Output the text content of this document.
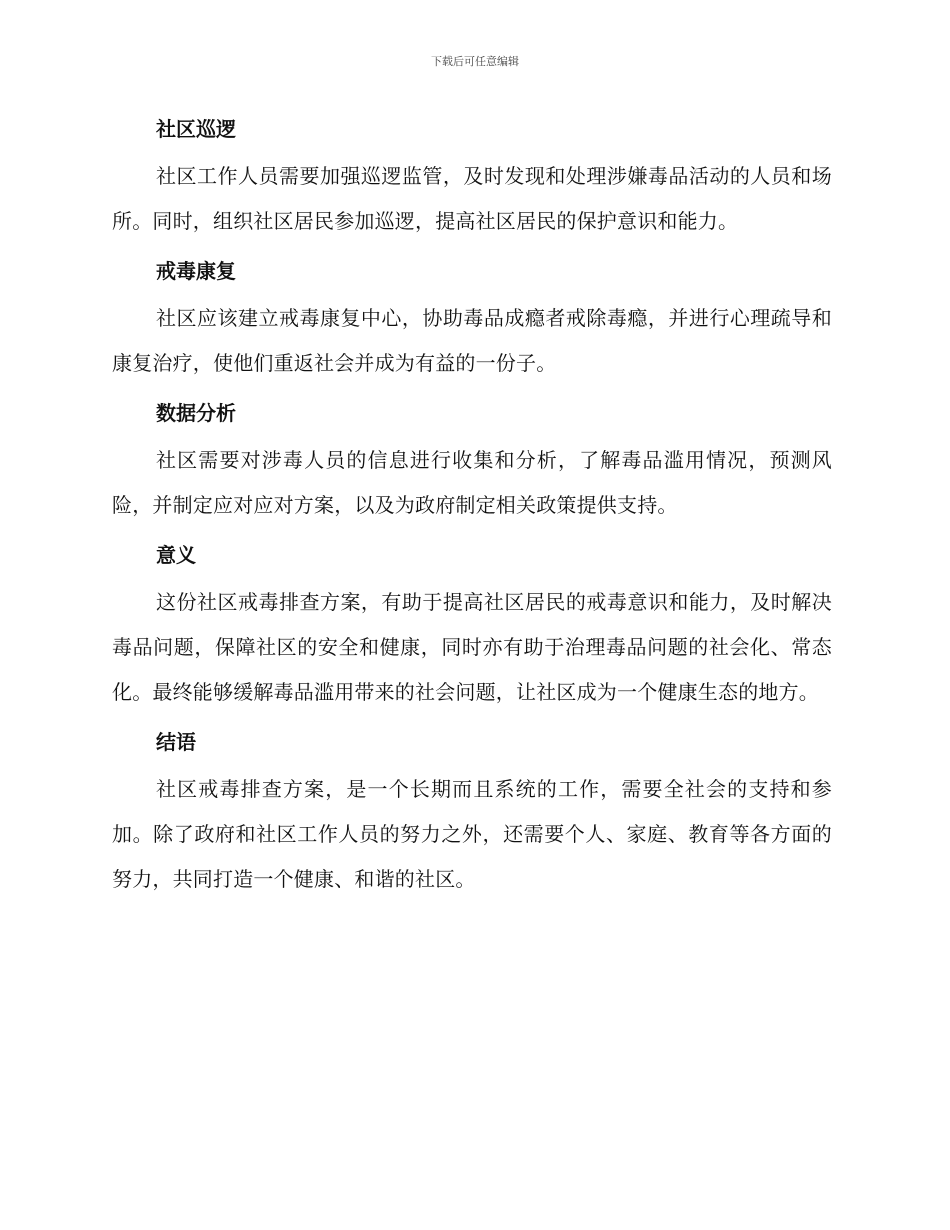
下载后可任意编辑
社区巡逻

社区工作人员需要加强巡逻监管，及时发现和处理涉嫌毒品活动的人员和场所。同时，组织社区居民参加巡逻，提高社区居民的保护意识和能力。

戒毒康复

社区应该建立戒毒康复中心，协助毒品成瘾者戒除毒瘾，并进行心理疏导和康复治疗，使他们重返社会并成为有益的一份子。

数据分析

社区需要对涉毒人员的信息进行收集和分析，了解毒品滥用情况，预测风险，并制定应对应对方案，以及为政府制定相关政策提供支持。

意义

这份社区戒毒排查方案，有助于提高社区居民的戒毒意识和能力，及时解决毒品问题，保障社区的安全和健康，同时亦有助于治理毒品问题的社会化、常态化。最终能够缓解毒品滥用带来的社会问题，让社区成为一个健康生态的地方。

结语

社区戒毒排查方案，是一个长期而且系统的工作，需要全社会的支持和参加。除了政府和社区工作人员的努力之外，还需要个人、家庭、教育等各方面的努力，共同打造一个健康、和谐的社区。
